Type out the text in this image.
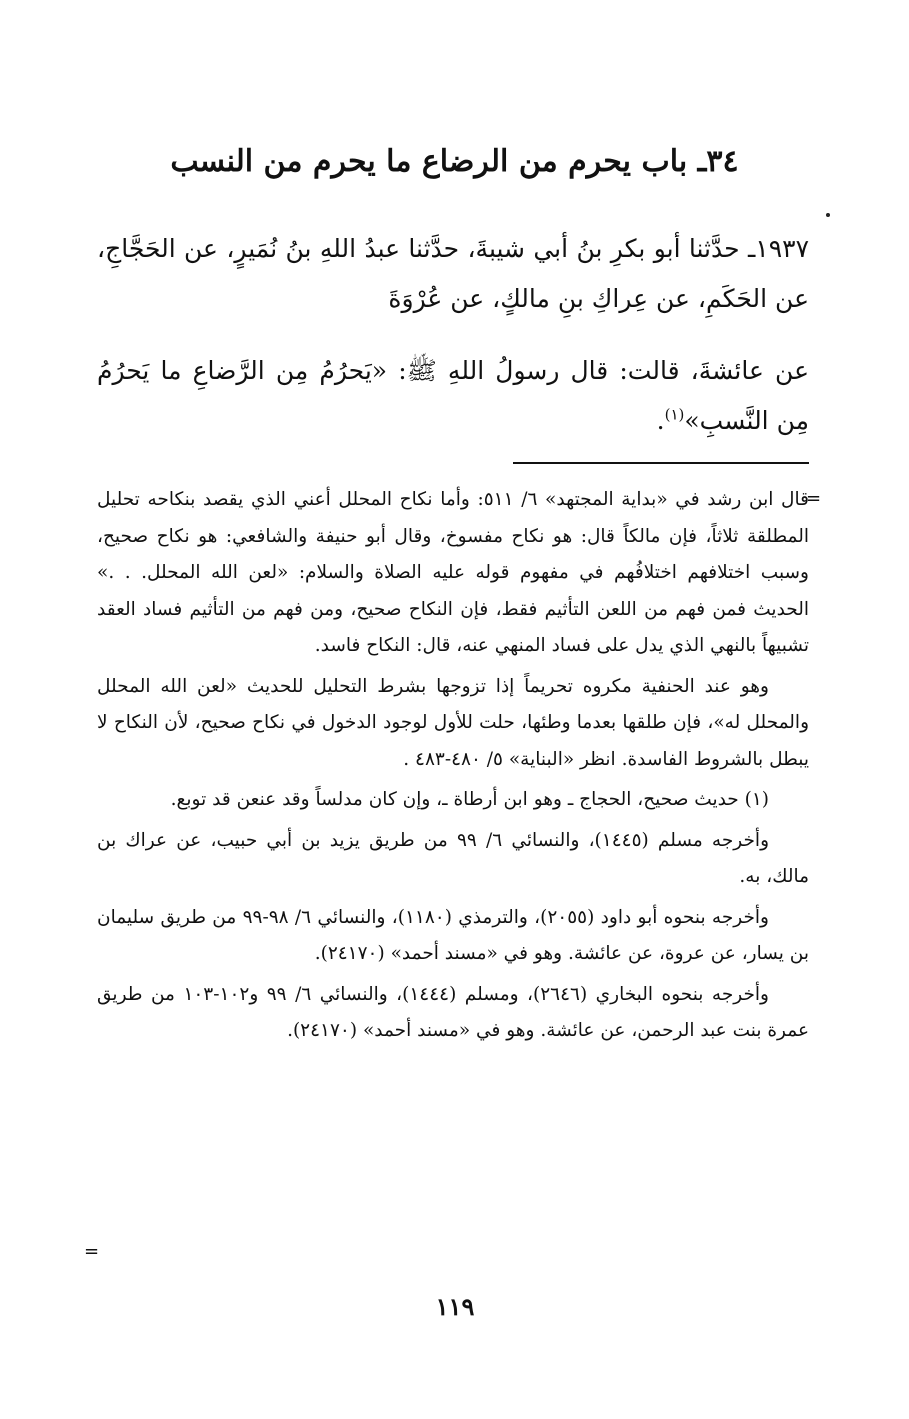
٣٤ـ باب يحرم من الرضاع ما يحرم من النسب
١٩٣٧ـ حدَّثنا أبو بكرِ بنُ أبي شيبةَ، حدَّثنا عبدُ اللهِ بنُ نُمَيرٍ، عن الحَجَّاجِ، عن الحَكَمِ، عن عِراكِ بنِ مالكٍ، عن عُرْوَةَ
عن عائشةَ، قالت: قال رسولُ اللهِ ﷺ: «يَحرُمُ مِن الرَّضاعِ ما يَحرُمُ مِن النَّسبِ»$^{(١)}$.
=

قال ابن رشد في «بداية المجتهد» ٦/ ٥١١: وأما نكاح المحلل أعني الذي يقصد بنكاحه تحليل المطلقة ثلاثاً، فإن مالكاً قال: هو نكاح مفسوخ، وقال أبو حنيفة والشافعي: هو نكاح صحيح، وسبب اختلافهم اختلافُهم في مفهوم قوله عليه الصلاة والسلام: «لعن الله المحلل. . .» الحديث فمن فهم من اللعن التأثيم فقط، فإن النكاح صحيح، ومن فهم من التأثيم فساد العقد تشبيهاً بالنهي الذي يدل على فساد المنهي عنه، قال: النكاح فاسد.

وهو عند الحنفية مكروه تحريماً إذا تزوجها بشرط التحليل للحديث «لعن الله المحلل والمحلل له»، فإن طلقها بعدما وطئها، حلت للأول لوجود الدخول في نكاح صحيح، لأن النكاح لا يبطل بالشروط الفاسدة. انظر «البناية» ٥/ ٤٨٠-٤٨٣ .

(١) حديث صحيح، الحجاج ـ وهو ابن أرطاة ـ، وإن كان مدلساً وقد عنعن قد توبع.

وأخرجه مسلم (١٤٤٥)، والنسائي ٦/ ٩٩ من طريق يزيد بن أبي حبيب، عن عراك بن مالك، به.

وأخرجه بنحوه أبو داود (٢٠٥٥)، والترمذي (١١٨٠)، والنسائي ٦/ ٩٨-٩٩ من طريق سليمان بن يسار، عن عروة، عن عائشة. وهو في «مسند أحمد» (٢٤١٧٠).

وأخرجه بنحوه البخاري (٢٦٤٦)، ومسلم (١٤٤٤)، والنسائي ٦/ ٩٩ و١٠٢-١٠٣ من طريق عمرة بنت عبد الرحمن، عن عائشة. وهو في «مسند أحمد» (٢٤١٧٠).

=
١١٩
